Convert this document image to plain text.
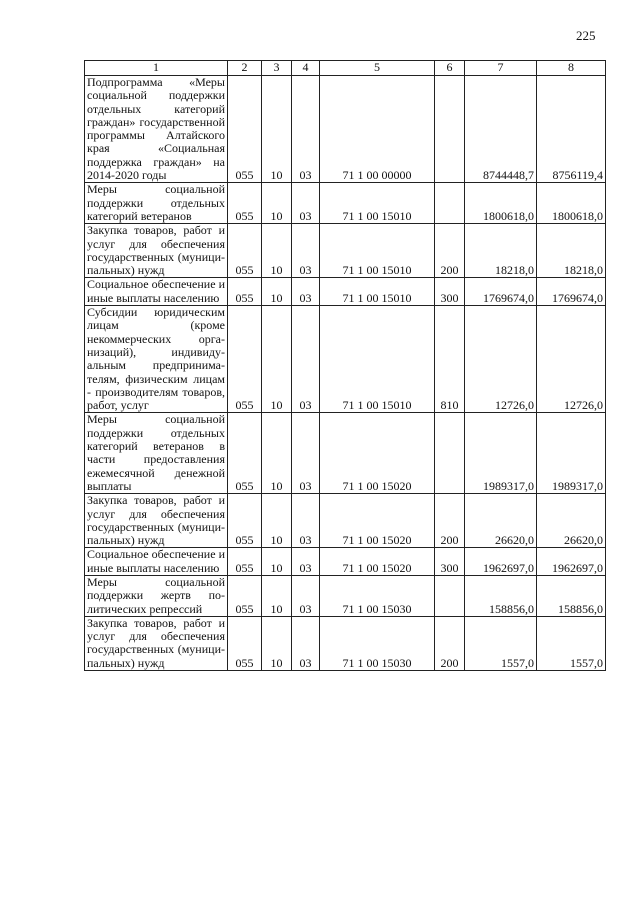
225
1	2	3	4	5	6	7	8
Подпрограмма «Меры социальной поддержки отдельных категорий граждан» государственной программы Алтайского края «Социальная поддержка граждан» на 2014-2020 годы	055	10	03	71 1 00 00000		8744448,7	8756119,4
Меры социальной поддержки отдельных категорий ветеранов	055	10	03	71 1 00 15010		1800618,0	1800618,0
Закупка товаров, работ и услуг для обеспечения государственных (муниципальных) нужд	055	10	03	71 1 00 15010	200	18218,0	18218,0
Социальное обеспечение и иные выплаты населению	055	10	03	71 1 00 15010	300	1769674,0	1769674,0
Субсидии юридическим лицам (кроме некоммерческих организаций), индивидуальным предпринимателям, физическим лицам - производителям товаров, работ, услуг	055	10	03	71 1 00 15010	810	12726,0	12726,0
Меры социальной поддержки отдельных категорий ветеранов в части предоставления ежемесячной денежной выплаты	055	10	03	71 1 00 15020		1989317,0	1989317,0
Закупка товаров, работ и услуг для обеспечения государственных (муниципальных) нужд	055	10	03	71 1 00 15020	200	26620,0	26620,0
Социальное обеспечение и иные выплаты населению	055	10	03	71 1 00 15020	300	1962697,0	1962697,0
Меры социальной поддержки жертв политических репрессий	055	10	03	71 1 00 15030		158856,0	158856,0
Закупка товаров, работ и услуг для обеспечения государственных (муниципальных) нужд	055	10	03	71 1 00 15030	200	1557,0	1557,0
